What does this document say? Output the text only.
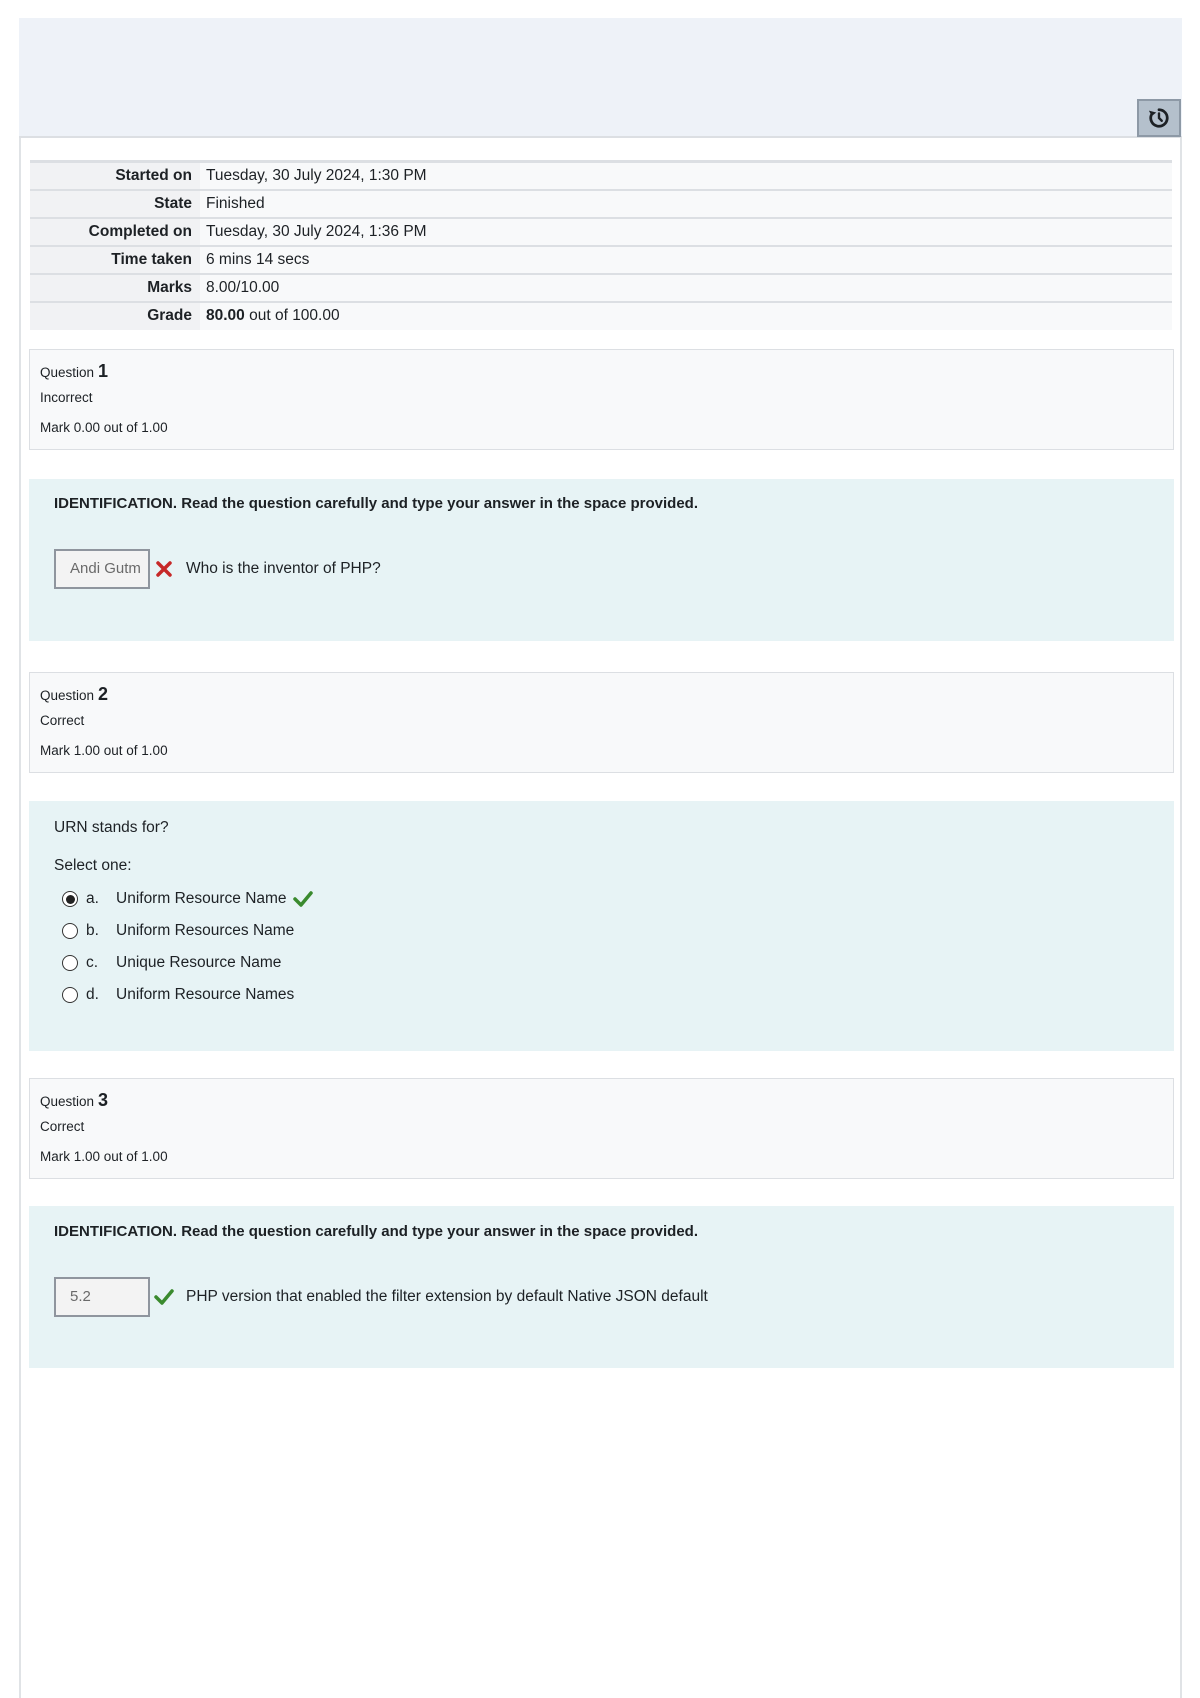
Started on	Tuesday, 30 July 2024, 1:30 PM
State	Finished
Completed on	Tuesday, 30 July 2024, 1:36 PM
Time taken	6 mins 14 secs
Marks	8.00/10.00
Grade	80.00 out of 100.00
Question 1
Incorrect
Mark 0.00 out of 1.00
IDENTIFICATION. Read the question carefully and type your answer in the space provided.
Andi Gutm	Who is the inventor of PHP?
Question 2
Correct
Mark 1.00 out of 1.00
URN stands for?
Select one:
a.	Uniform Resource Name
b.	Uniform Resources Name
c.	Unique Resource Name
d.	Uniform Resource Names
Question 3
Correct
Mark 1.00 out of 1.00
IDENTIFICATION. Read the question carefully and type your answer in the space provided.
5.2	PHP version that enabled the filter extension by default Native JSON default
